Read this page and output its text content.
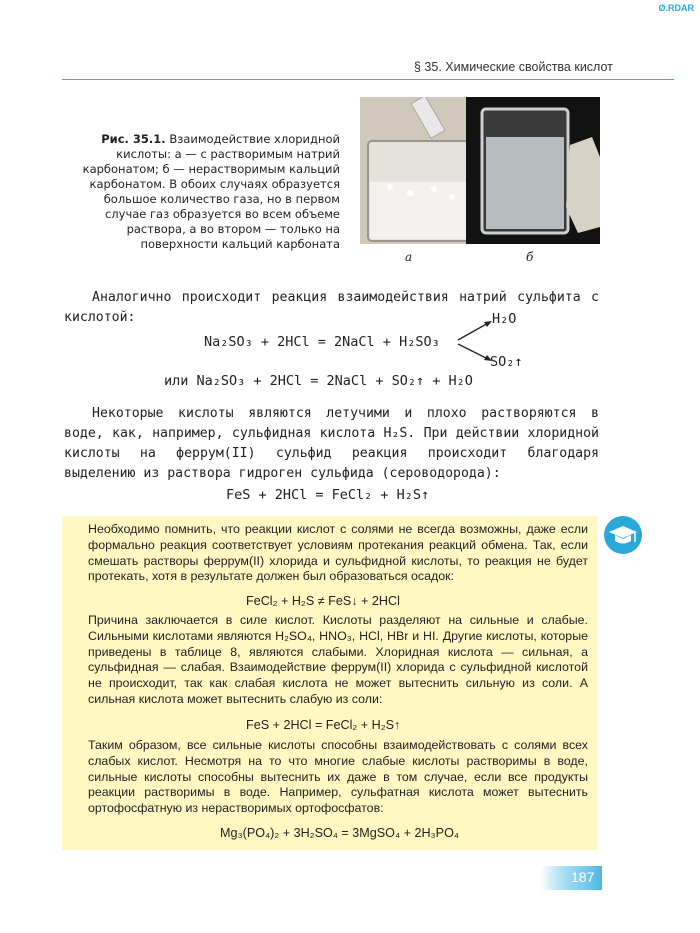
Ø.RDAR
§ 35. Химические свойства кислот
Рис. 35.1. Взаимодействие хлоридной кислоты: а — с растворимым натрий карбонатом; б — нерастворимым кальций карбонатом. В обоих случаях образуется большое количество газа, но в первом случае газ образуется во всем объеме раствора, а во втором — только на поверхности кальций карбоната
а	б
Аналогично происходит реакция взаимодействия натрий сульфита с кислотой:
Na₂SO₃ + 2HCl = 2NaCl + H₂SO₃
H₂O
SO₂↑
или Na₂SO₃ + 2HCl = 2NaCl + SO₂↑ + H₂O
Некоторые кислоты являются летучими и плохо растворяются в воде, как, например, сульфидная кислота H₂S. При действии хлоридной кислоты на феррум(II) сульфид реакция происходит благодаря выделению из раствора гидроген сульфида (сероводорода):
FeS + 2HCl = FeCl₂ + H₂S↑
Необходимо помнить, что реакции кислот с солями не всегда возможны, даже если формально реакция соответствует условиям протекания реакций обмена. Так, если смешать растворы феррум(II) хлорида и сульфидной кислоты, то реакция не будет протекать, хотя в результате должен был образоваться осадок:
FeCl₂ + H₂S ≠ FeS↓ + 2HCl
Причина заключается в силе кислот. Кислоты разделяют на сильные и слабые. Сильными кислотами являются H₂SO₄, HNO₃, HCl, HBr и HI. Другие кислоты, которые приведены в таблице 8, являются слабыми. Хлоридная кислота — сильная, а сульфидная — слабая. Взаимодействие феррум(II) хлорида с сульфидной кислотой не происходит, так как слабая кислота не может вытеснить сильную из соли. А сильная кислота может вытеснить слабую из соли:
FeS + 2HCl = FeCl₂ + H₂S↑
Таким образом, все сильные кислоты способны взаимодействовать с солями всех слабых кислот. Несмотря на то что многие слабые кислоты растворимы в воде, сильные кислоты способны вытеснить их даже в том случае, если все продукты реакции растворимы в воде. Например, сульфатная кислота может вытеснить ортофосфатную из нерастворимых ортофосфатов:
Mg₃(PO₄)₂ + 3H₂SO₄ = 3MgSO₄ + 2H₃PO₄
187
